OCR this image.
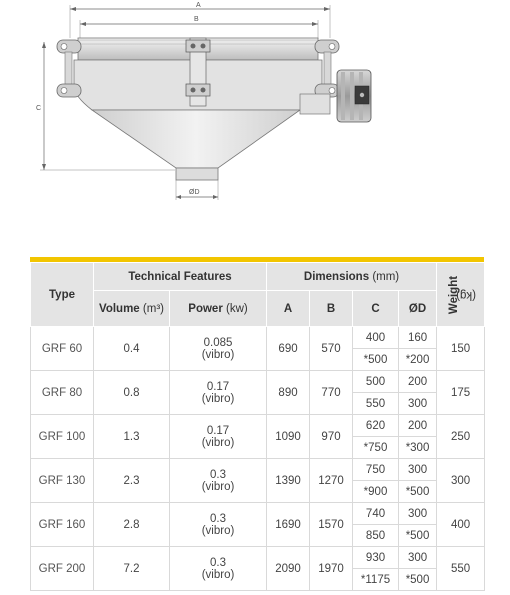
A
B
C
ØD
Type	Technical Features		Dimensions (mm)				Weight
(kg)
	Volume (m³)	Power (kw)	A	B	C	ØD	
GRF 60	0.4	0.085
(vibro)	690	570	400	160	150
					*500	*200	
GRF 80	0.8	0.17
(vibro)	890	770	500	200	175
					550	300	
GRF 100	1.3	0.17
(vibro)	1090	970	620	200	250
					*750	*300	
GRF 130	2.3	0.3
(vibro)	1390	1270	750	300	300
					*900	*500	
GRF 160	2.8	0.3
(vibro)	1690	1570	740	300	400
					850	*500	
GRF 200	7.2	0.3
(vibro)	2090	1970	930	300	550
					*1175	*500	
